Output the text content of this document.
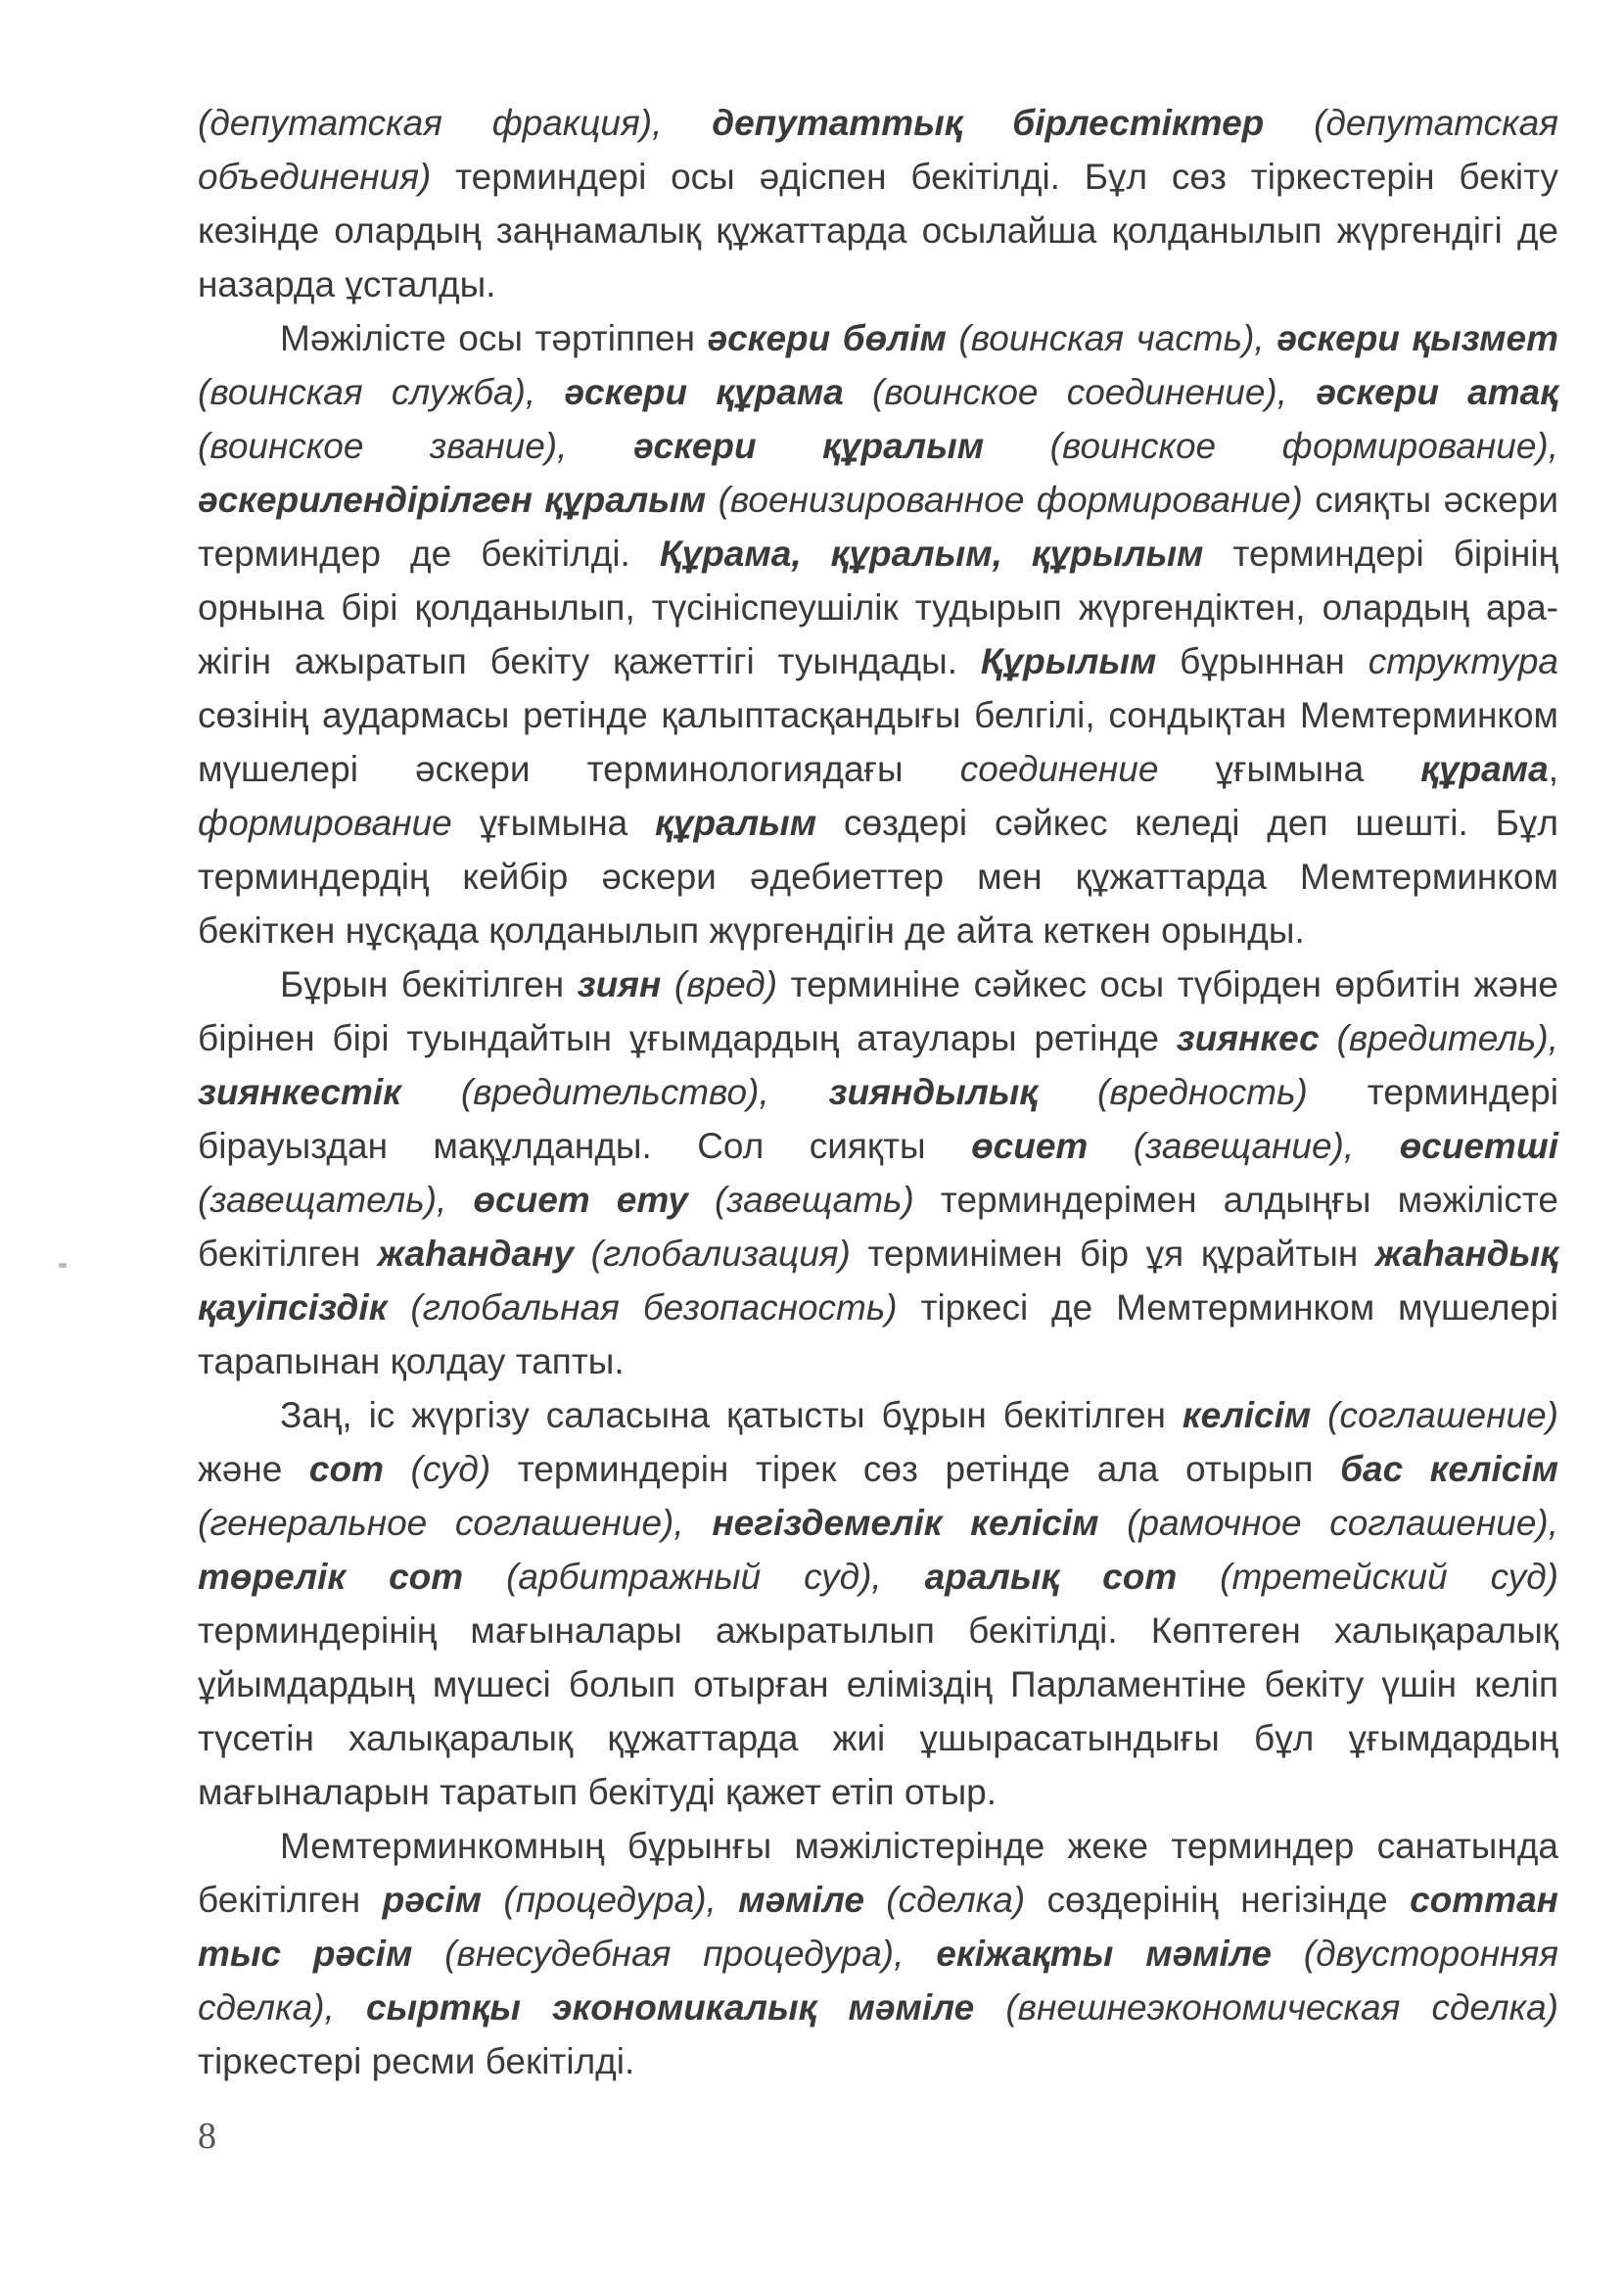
(депутатская фракция), депутаттық бірлестіктер (депутатская объединения) терминдері осы әдіспен бекітілді. Бұл сөз тіркестерін бекіту кезінде олардың заңнамалық құжаттарда осылайша қолданылып жүргендігі де назарда ұсталды.

Мәжілісте осы тәртіппен әскери бөлім (воинская часть), әскери қызмет (воинская служба), әскери құрама (воинское соединение), әскери атақ (воинское звание), әскери құралым (воинское формирование), әскерилендірілген құралым (военизированное формирование) сияқты әскери терминдер де бекітілді. Құрама, құралым, құрылым терминдері бірінің орнына бірі қолданылып, түсініспеушілік тудырып жүргендіктен, олардың ара-жігін ажыратып бекіту қажеттігі туындады. Құрылым бұрыннан структура сөзінің аудармасы ретінде қалыптасқандығы белгілі, сондықтан Мемтерминком мүшелері әскери терминологиядағы соединение ұғымына құрама, формирование ұғымына құралым сөздері сәйкес келеді деп шешті. Бұл терминдердің кейбір әскери әдебиеттер мен құжаттарда Мемтерминком бекіткен нұсқада қолданылып жүргендігін де айта кеткен орынды.

Бұрын бекітілген зиян (вред) терминіне сәйкес осы түбірден өрбитін және бірінен бірі туындайтын ұғымдардың атаулары ретінде зиянкес (вредитель), зиянкестік (вредительство), зияндылық (вредность) терминдері бірауыздан мақұлданды. Сол сияқты өсиет (завещание), өсиетші (завещатель), өсиет ету (завещать) терминдерімен алдыңғы мәжілісте бекітілген жаһандану (глобализация) терминімен бір ұя құрайтын жаһандық қауіпсіздік (глобальная безопасность) тіркесі де Мемтерминком мүшелері тарапынан қолдау тапты.

Заң, іс жүргізу саласына қатысты бұрын бекітілген келісім (соглашение) және сот (суд) терминдерін тірек сөз ретінде ала отырып бас келісім (генеральное соглашение), негіздемелік келісім (рамочное соглашение), төрелік сот (арбитражный суд), аралық сот (третейский суд) терминдерінің мағыналары ажыратылып бекітілді. Көптеген халықаралық ұйымдардың мүшесі болып отырған еліміздің Парламентіне бекіту үшін келіп түсетін халықаралық құжаттарда жиі ұшырасатындығы бұл ұғымдардың мағыналарын таратып бекітуді қажет етіп отыр.

Мемтерминкомның бұрынғы мәжілістерінде жеке терминдер санатында бекітілген рәсім (процедура), мәміле (сделка) сөздерінің негізінде соттан тыс рәсім (внесудебная процедура), екіжақты мәміле (двусторонняя сделка), сыртқы экономикалық мәміле (внешнеэкономическая сделка) тіркестері ресми бекітілді.

8
